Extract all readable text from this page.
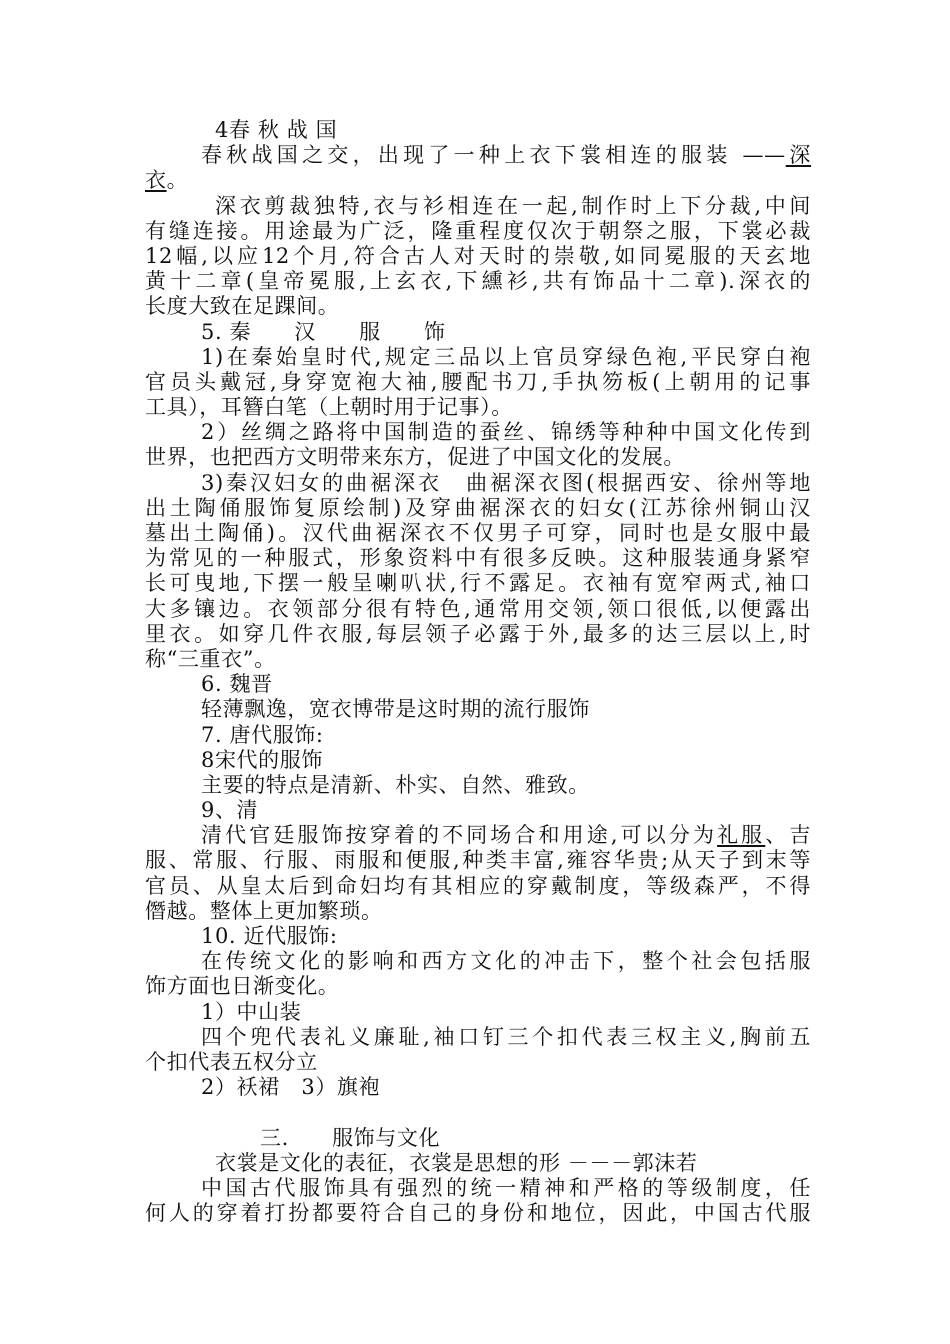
4春 秋 战 国
春秋战国之交，出现了一种上衣下裳相连的服装 ——深
衣。
深衣剪裁独特,衣与衫相连在一起,制作时上下分裁,中间
有缝连接。用途最为广泛，隆重程度仅次于朝祭之服，下裳必裁
12幅,以应12个月,符合古人对天时的崇敬,如同冕服的天玄地
黄十二章(皇帝冕服,上玄衣,下纁衫,共有饰品十二章).深衣的
长度大致在足踝间。
5. 秦　　汉　　服　　饰
1)在秦始皇时代,规定三品以上官员穿绿色袍,平民穿白袍
官员头戴冠,身穿宽袍大袖,腰配书刀,手执笏板(上朝用的记事
工具），耳簪白笔（上朝时用于记事）。
2）丝绸之路将中国制造的蚕丝、锦绣等种种中国文化传到
世界，也把西方文明带来东方，促进了中国文化的发展。
3)秦汉妇女的曲裾深衣　曲裾深衣图(根据西安、徐州等地
出土陶俑服饰复原绘制)及穿曲裾深衣的妇女(江苏徐州铜山汉
墓出土陶俑)。汉代曲裾深衣不仅男子可穿，同时也是女服中最
为常见的一种服式，形象资料中有很多反映。这种服装通身紧窄
长可曳地,下摆一般呈喇叭状,行不露足。衣袖有宽窄两式,袖口
大多镶边。衣领部分很有特色,通常用交领,领口很低,以便露出
里衣。如穿几件衣服,每层领子必露于外,最多的达三层以上,时
称“三重衣”。
6. 魏晋
轻薄飘逸，宽衣博带是这时期的流行服饰
7. 唐代服饰:
8宋代的服饰
主要的特点是清新、朴实、自然、雅致。
9、清
清代官廷服饰按穿着的不同场合和用途,可以分为礼服、吉
服、常服、行服、雨服和便服,种类丰富,雍容华贵;从天子到末等
官员、从皇太后到命妇均有其相应的穿戴制度，等级森严，不得
僭越。整体上更加繁琐。
10. 近代服饰:
在传统文化的影响和西方文化的冲击下，整个社会包括服
饰方面也日渐变化。
1）中山装
四个兜代表礼义廉耻,袖口钉三个扣代表三权主义,胸前五
个扣代表五权分立
2）袄裙　3）旗袍
三.　　服饰与文化
衣裳是文化的表征，衣裳是思想的形 －－－郭沫若
中国古代服饰具有强烈的统一精神和严格的等级制度，任
何人的穿着打扮都要符合自己的身份和地位，因此，中国古代服
